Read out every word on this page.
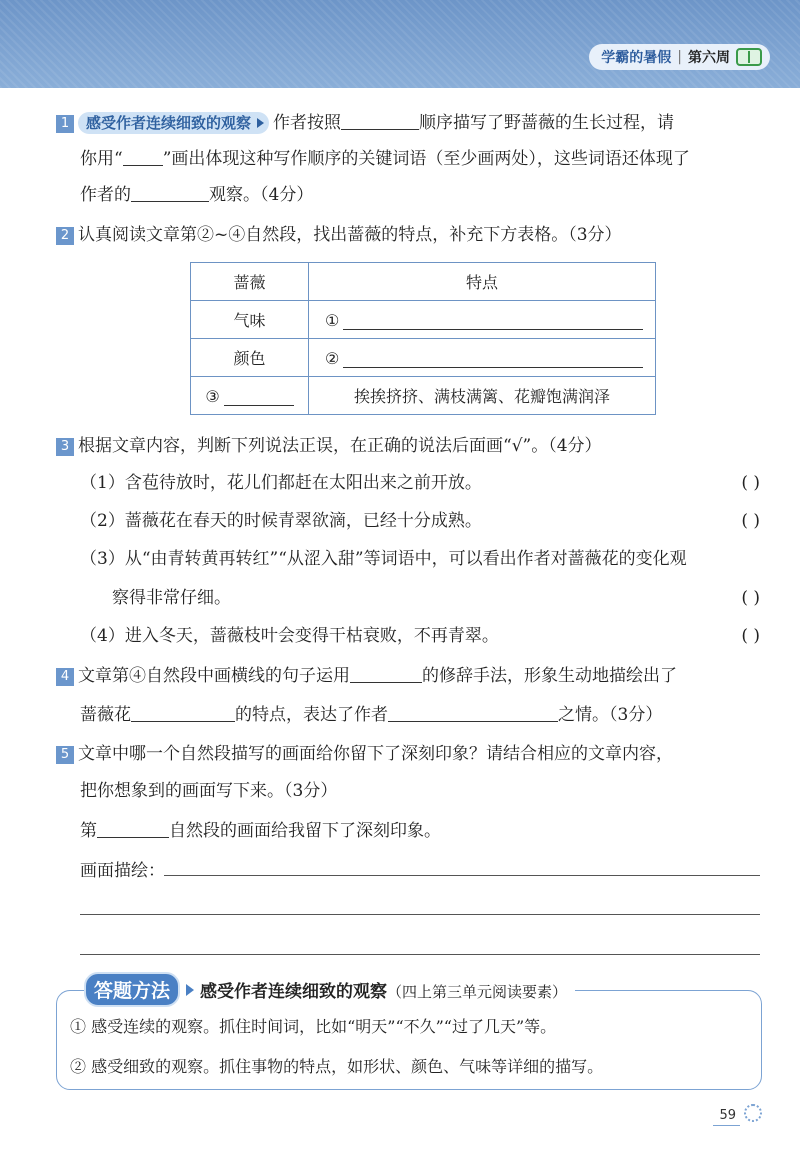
学霸的暑假 | 第六周
1 感受作者连续细致的观察 作者按照	顺序描写了野蔷薇的生长过程，请
你用“ ”画出体现这种写作顺序的关键词语（至少画两处），这些词语还体现了
作者的	观察。（4分）
2 认真阅读文章第②~④自然段，找出蔷薇的特点，补充下方表格。（3分）
蔷薇	特点
气味	①
颜色	②
③	挨挨挤挤、满枝满篱、花瓣饱满润泽
3 根据文章内容，判断下列说法正误，在正确的说法后面画“√”。（4分）
（1）含苞待放时，花儿们都赶在太阳出来之前开放。	( )
（2）蔷薇花在春天的时候青翠欲滴，已经十分成熟。	( )
（3）从“由青转黄再转红”“从涩入甜”等词语中，可以看出作者对蔷薇花的变化观
察得非常仔细。	( )
（4）进入冬天，蔷薇枝叶会变得干枯衰败，不再青翠。	( )
4 文章第④自然段中画横线的句子运用	的修辞手法，形象生动地描绘出了
蔷薇花	的特点，表达了作者	之情。（3分）
5 文章中哪一个自然段描写的画面给你留下了深刻印象？请结合相应的文章内容，
把你想象到的画面写下来。（3分）
第	自然段的画面给我留下了深刻印象。
画面描绘：
答题方法	感受作者连续细致的观察（四上第三单元阅读要素）
① 感受连续的观察。抓住时间词，比如“明天”“不久”“过了几天”等。
② 感受细致的观察。抓住事物的特点，如形状、颜色、气味等详细的描写。
59
